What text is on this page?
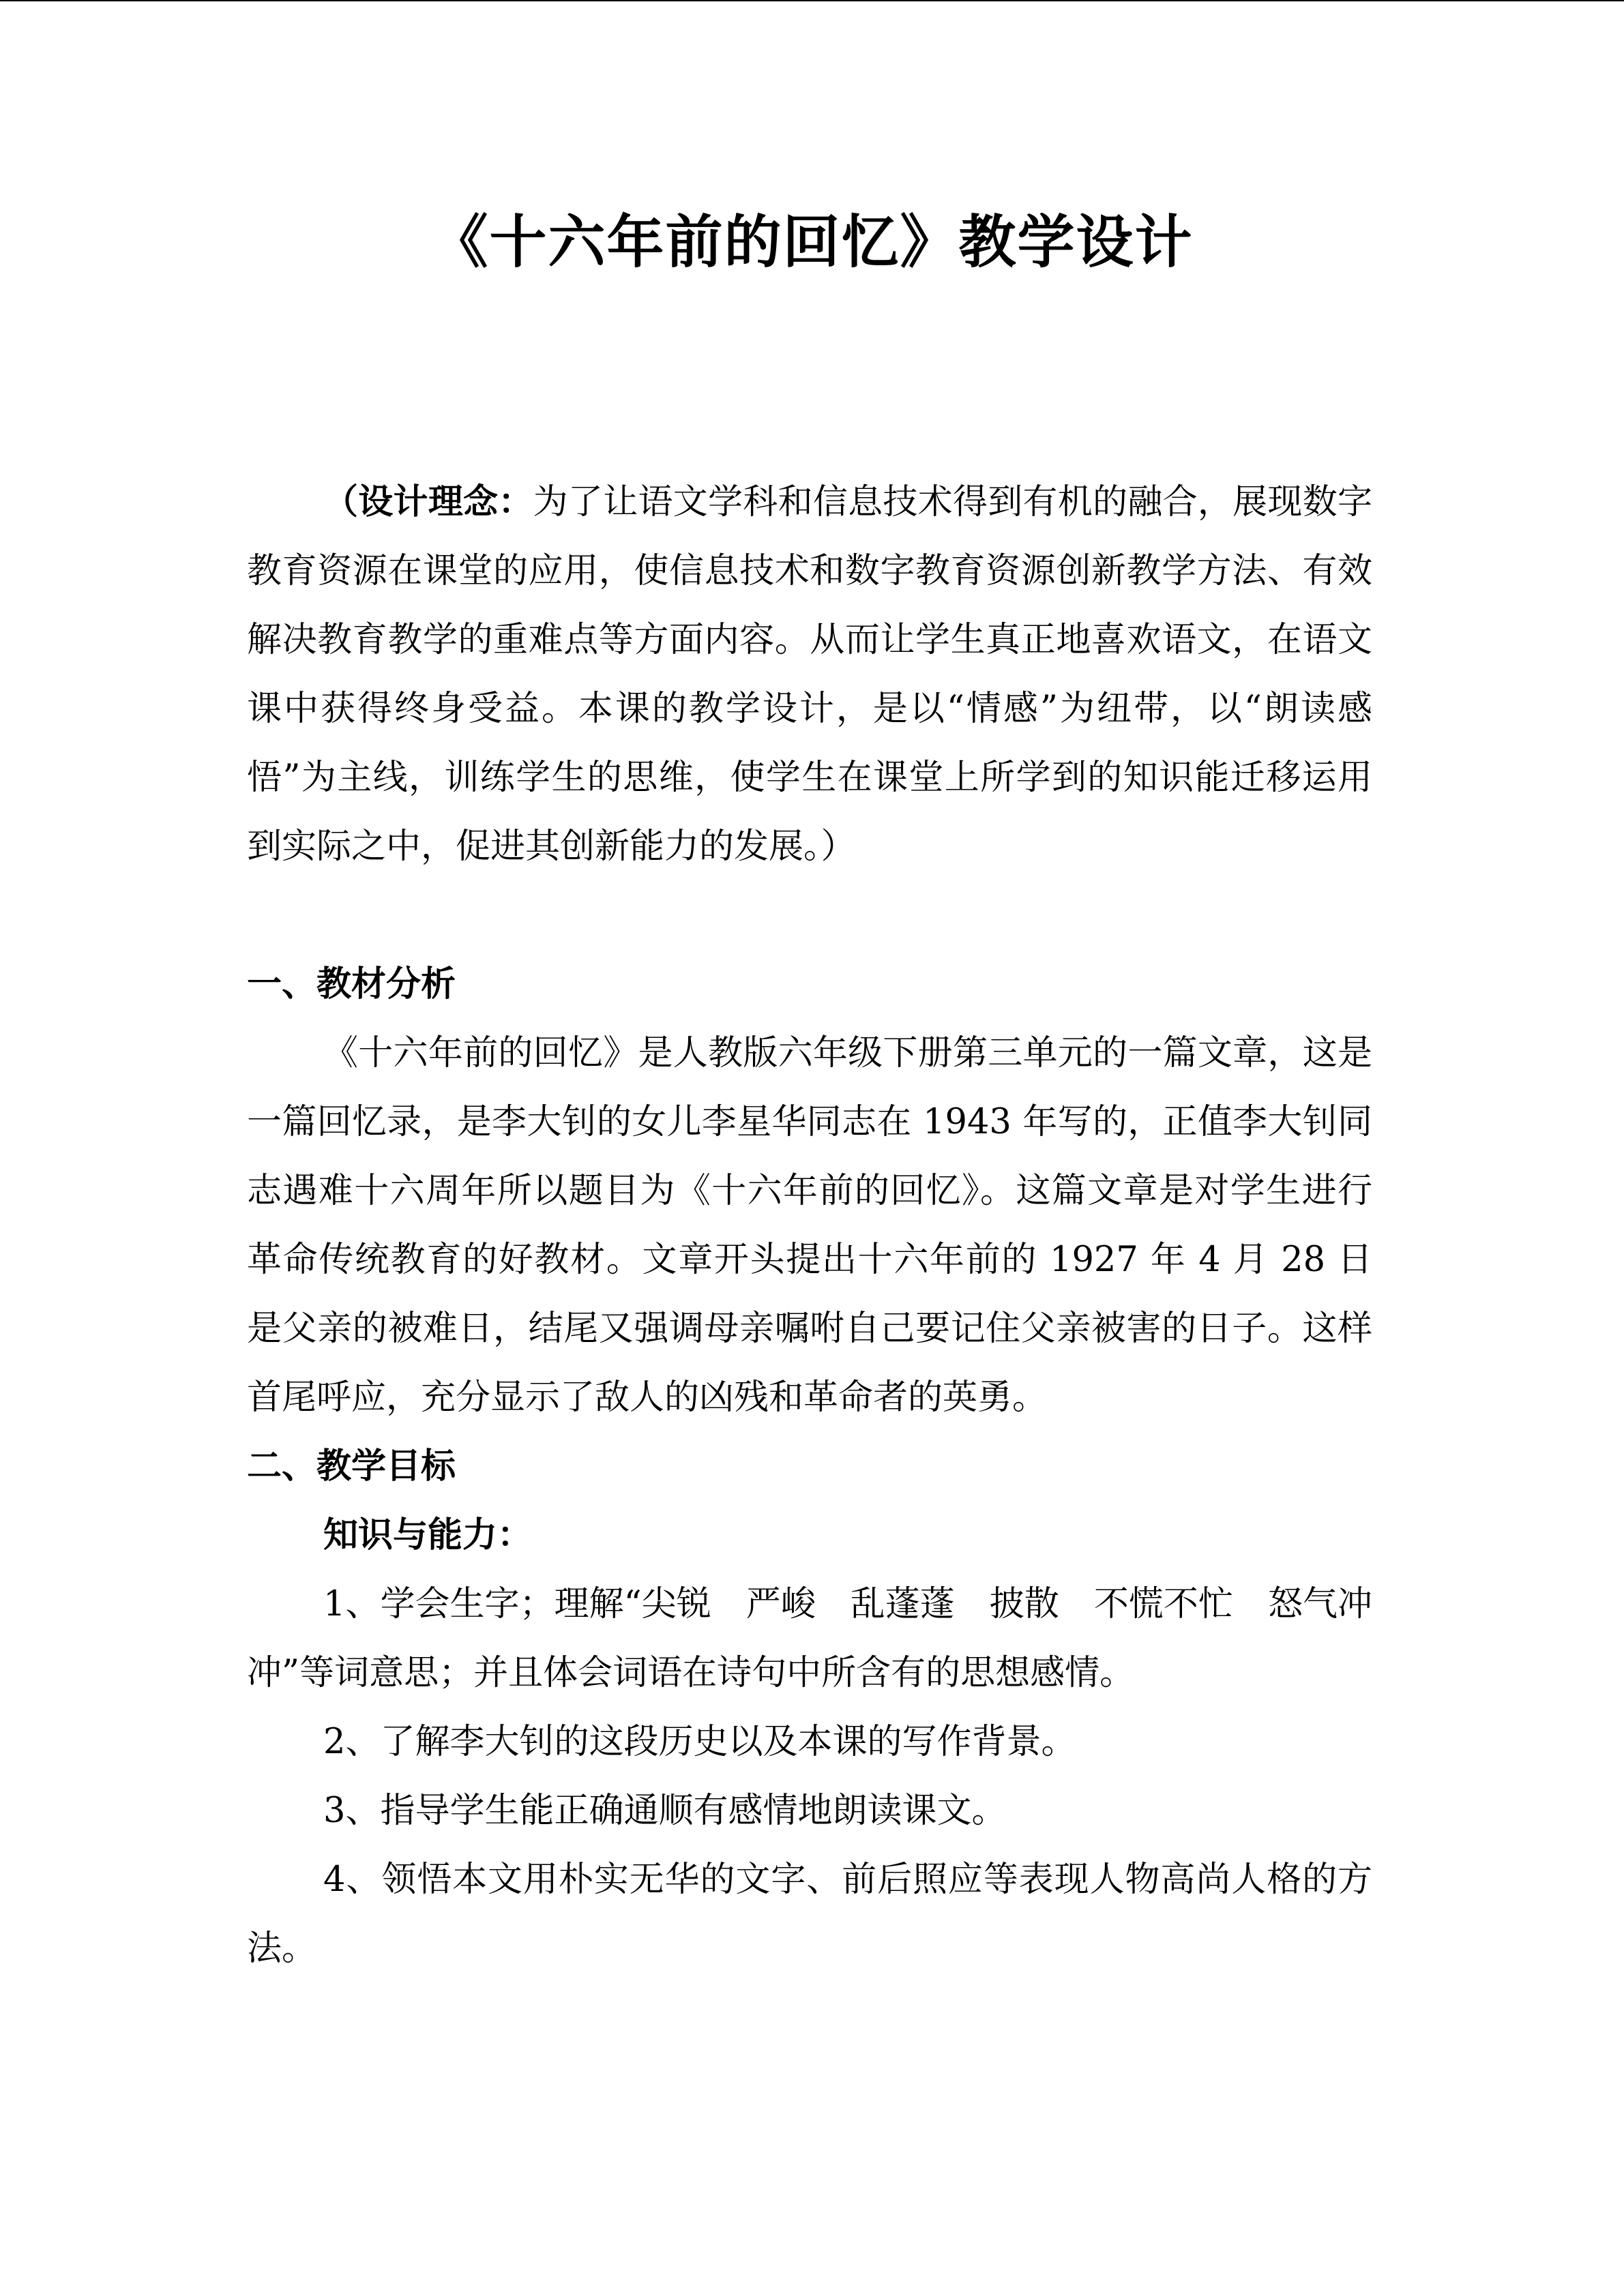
《十六年前的回忆》教学设计

（设计理念：为了让语文学科和信息技术得到有机的融合，展现数字教育资源在课堂的应用，使信息技术和数字教育资源创新教学方法、有效解决教育教学的重难点等方面内容。从而让学生真正地喜欢语文，在语文课中获得终身受益。本课的教学设计，是以“情感”为纽带，以“朗读感悟”为主线，训练学生的思维，使学生在课堂上所学到的知识能迁移运用到实际之中，促进其创新能力的发展。）

一、教材分析

《十六年前的回忆》是人教版六年级下册第三单元的一篇文章，这是一篇回忆录，是李大钊的女儿李星华同志在 1943 年写的，正值李大钊同志遇难十六周年所以题目为《十六年前的回忆》。这篇文章是对学生进行革命传统教育的好教材。文章开头提出十六年前的 1927 年 4 月 28 日是父亲的被难日，结尾又强调母亲嘱咐自己要记住父亲被害的日子。这样首尾呼应，充分显示了敌人的凶残和革命者的英勇。

二、教学目标

知识与能力：

1、学会生字；理解“尖锐　严峻　乱蓬蓬　披散　不慌不忙　怒气冲冲”等词意思；并且体会词语在诗句中所含有的思想感情。

2、了解李大钊的这段历史以及本课的写作背景。

3、指导学生能正确通顺有感情地朗读课文。

4、领悟本文用朴实无华的文字、前后照应等表现人物高尚人格的方法。
